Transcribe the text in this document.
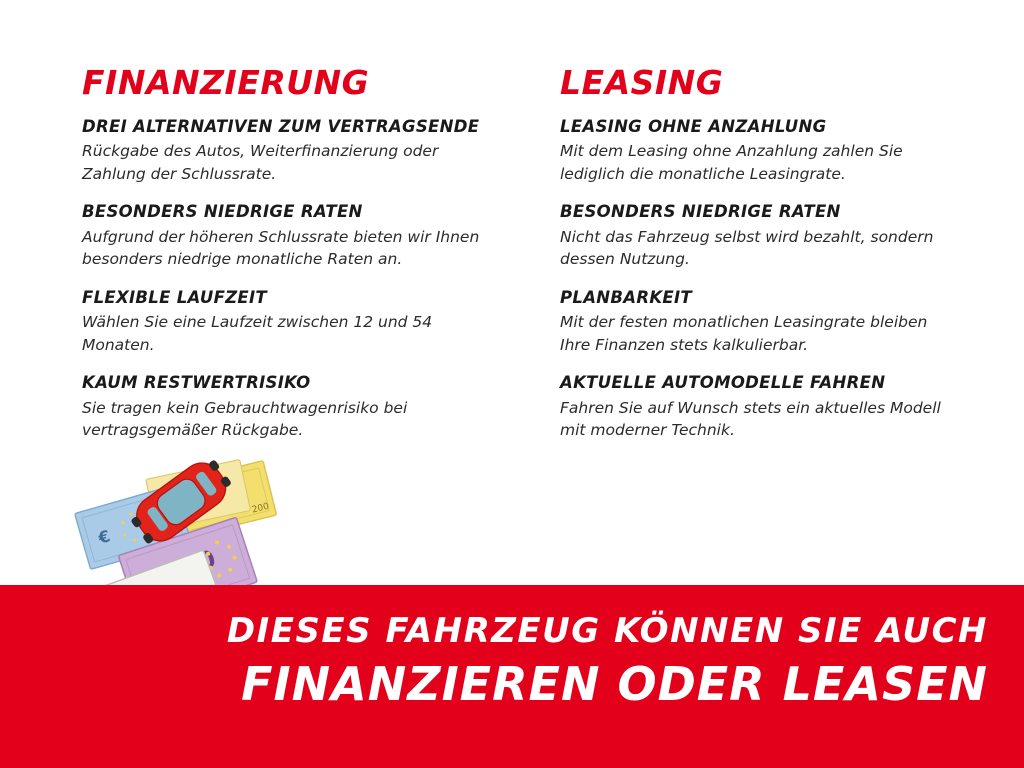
FINANZIERUNG
DREI ALTERNATIVEN ZUM VERTRAGSENDE

Rückgabe des Autos, Weiterfinanzierung oder Zahlung der Schlussrate.

BESONDERS NIEDRIGE RATEN

Aufgrund der höheren Schlussrate bieten wir Ihnen besonders niedrige monatliche Raten an.

FLEXIBLE LAUFZEIT

Wählen Sie eine Laufzeit zwischen 12 und 54 Monaten.

KAUM RESTWERTRISIKO

Sie tragen kein Gebrauchtwagenrisiko bei vertragsgemäßer Rückgabe.

LEASING
LEASING OHNE ANZAHLUNG

Mit dem Leasing ohne Anzahlung zahlen Sie lediglich die monatliche Leasingrate.

BESONDERS NIEDRIGE RATEN

Nicht das Fahrzeug selbst wird bezahlt, sondern dessen Nutzung.

PLANBARKEIT

Mit der festen monatlichen Leasingrate bleiben Ihre Finanzen stets kalkulierbar.

AKTUELLE AUTOMODELLE FAHREN

Fahren Sie auf Wunsch stets ein aktuelles Modell mit moderner Technik.

200
€
DIESES FAHRZEUG KÖNNEN SIE AUCH
FINANZIEREN ODER LEASEN
